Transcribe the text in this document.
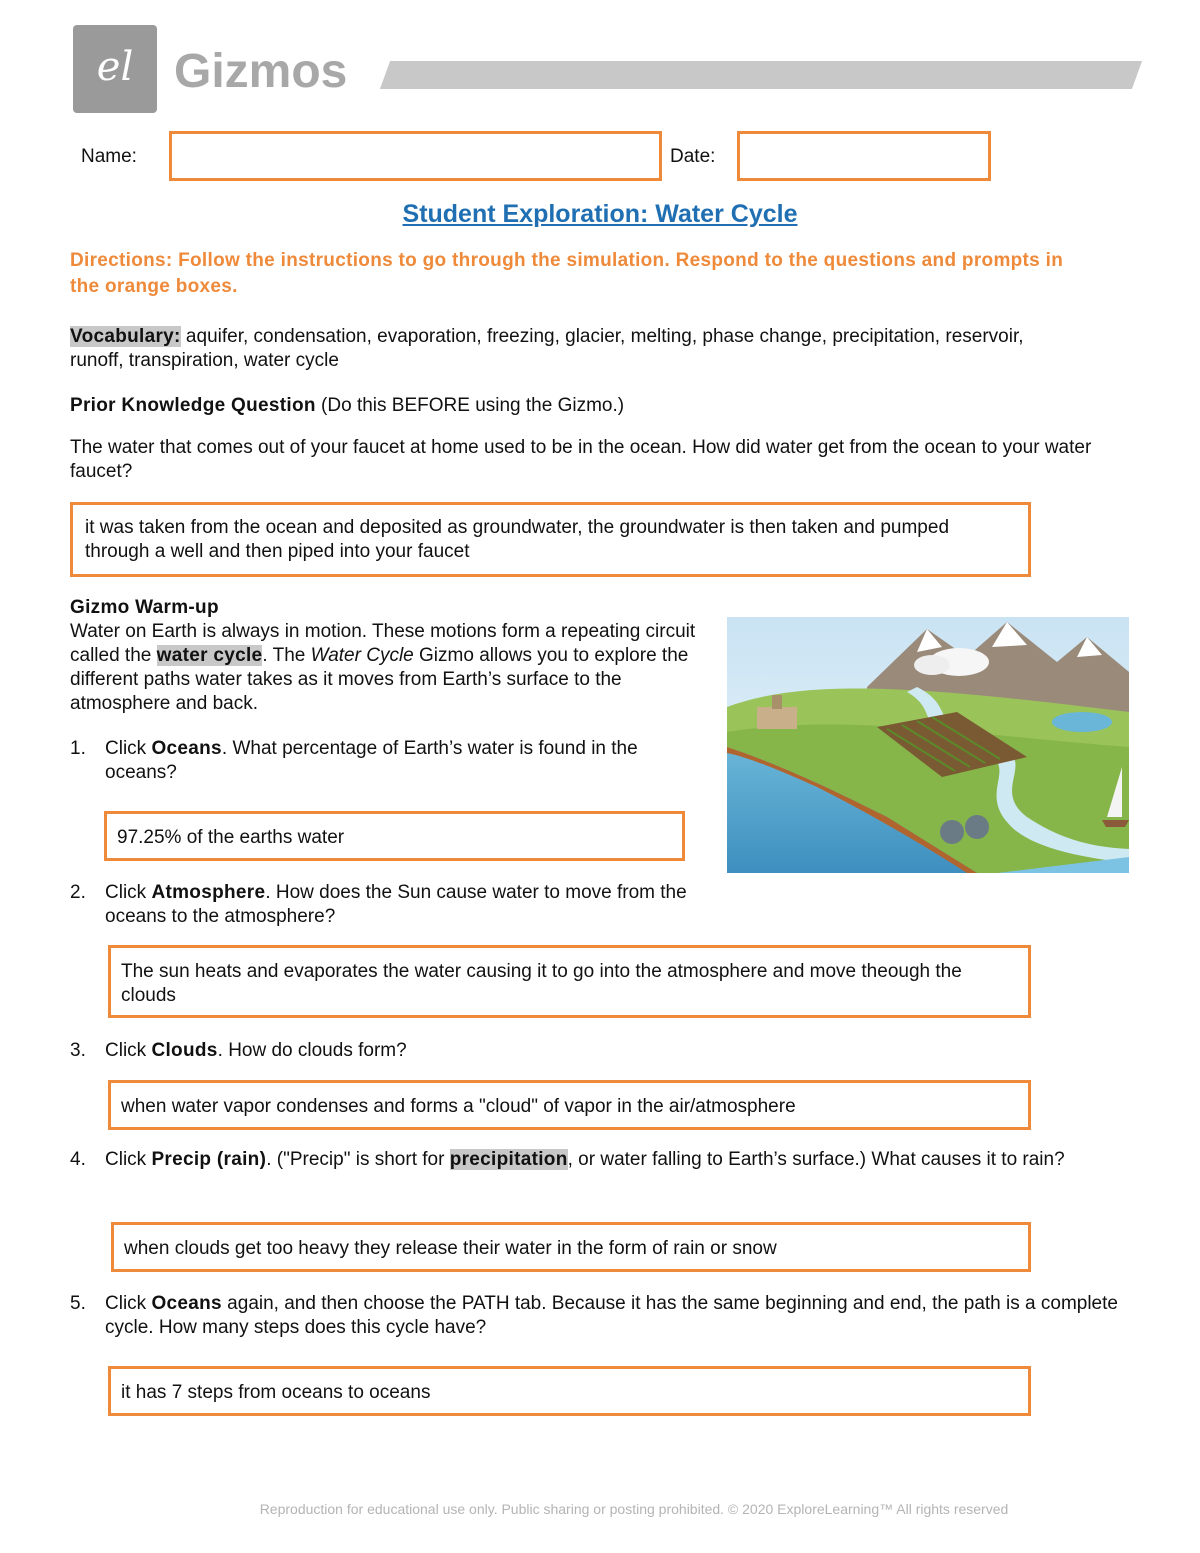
el Gizmos
Name:	Date:
Student Exploration: Water Cycle
Directions: Follow the instructions to go through the simulation. Respond to the questions and prompts in the orange boxes.
Vocabulary: aquifer, condensation, evaporation, freezing, glacier, melting, phase change, precipitation, reservoir, runoff, transpiration, water cycle
Prior Knowledge Question (Do this BEFORE using the Gizmo.)
The water that comes out of your faucet at home used to be in the ocean. How did water get from the ocean to your water faucet?
it was taken from the ocean and deposited as groundwater, the groundwater is then taken and pumped through a well and then piped into your faucet
Gizmo Warm-up
Water on Earth is always in motion. These motions form a repeating circuit called the water cycle. The Water Cycle Gizmo allows you to explore the different paths water takes as it moves from Earth’s surface to the atmosphere and back.
1. Click Oceans. What percentage of Earth’s water is found in the oceans?
97.25% of the earths water
2. Click Atmosphere. How does the Sun cause water to move from the oceans to the atmosphere?
The sun heats and evaporates the water causing it to go into the atmosphere and move theough the clouds
3. Click Clouds. How do clouds form?
when water vapor condenses and forms a "cloud" of vapor in the air/atmosphere
4. Click Precip (rain). ("Precip" is short for precipitation, or water falling to Earth’s surface.) What causes it to rain?
when clouds get too heavy they release their water in the form of rain or snow
5. Click Oceans again, and then choose the PATH tab. Because it has the same beginning and end, the path is a complete cycle. How many steps does this cycle have?
it has 7 steps from oceans to oceans
Reproduction for educational use only. Public sharing or posting prohibited. © 2020 ExploreLearning™ All rights reserved
